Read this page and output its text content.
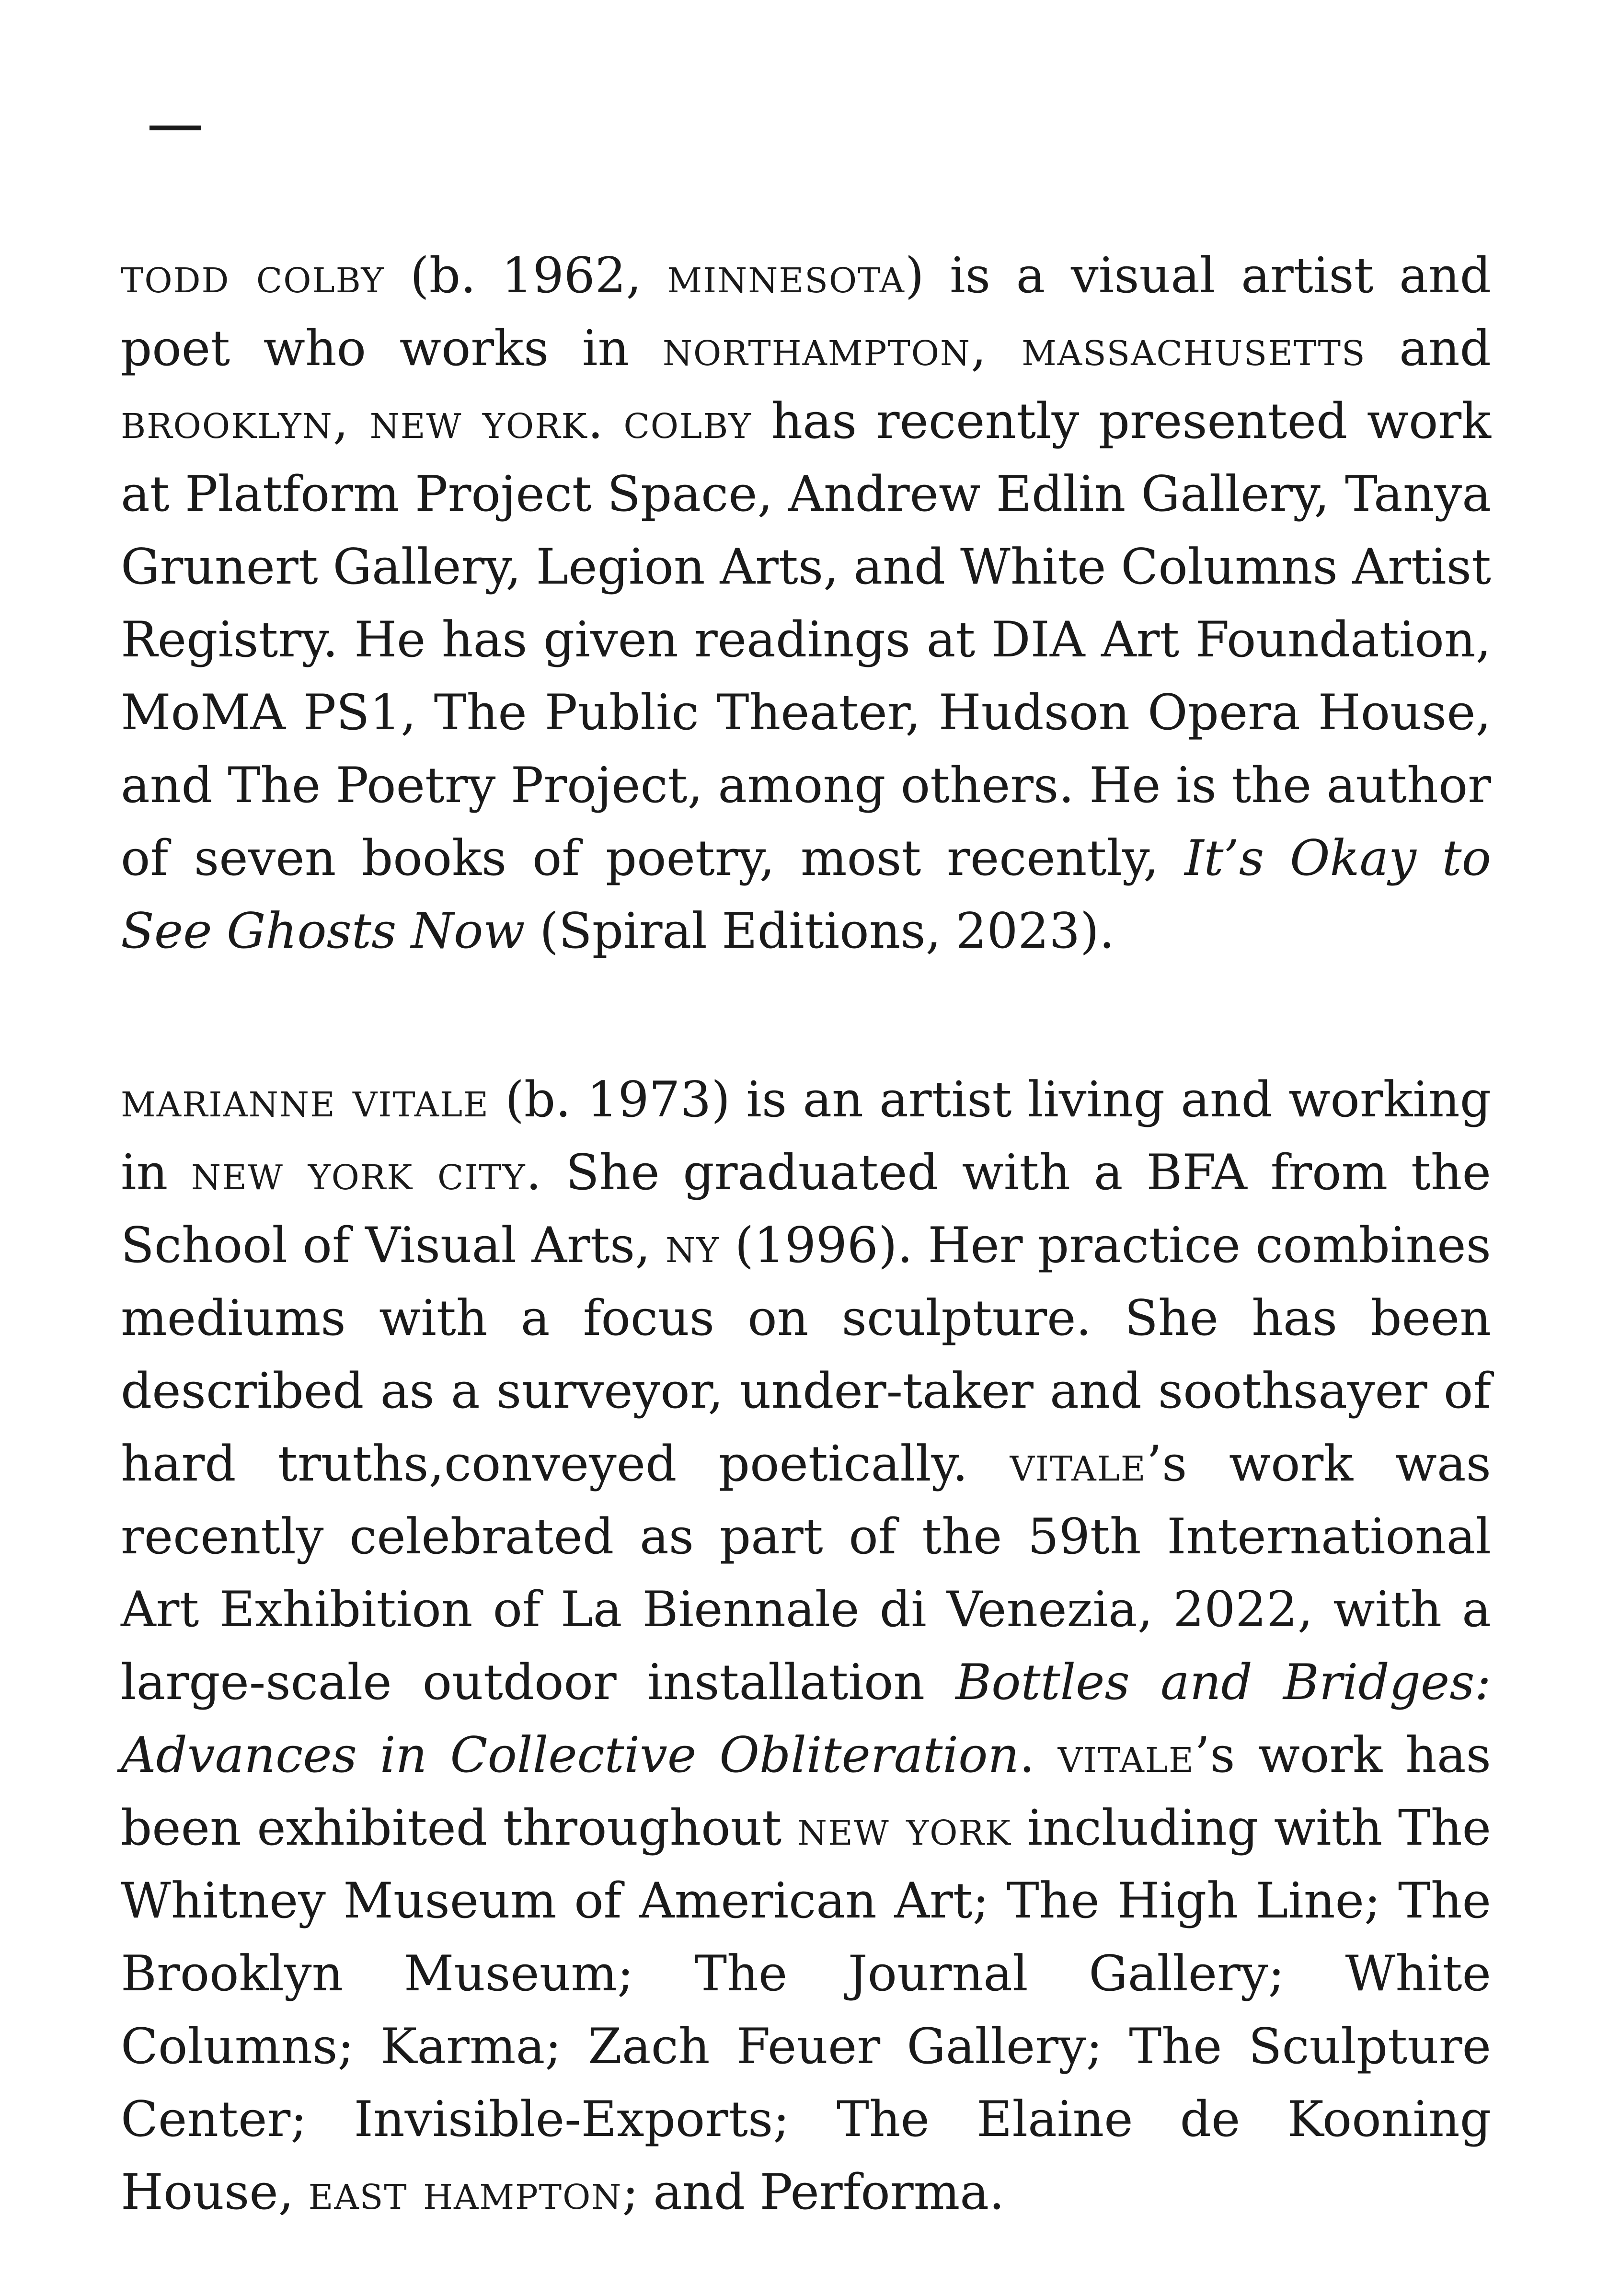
todd colby (b. 1962, minnesota) is a visual artist and poet who works in northampton, massachusetts and brooklyn, new york. colby has recently presented work at Platform Project Space, Andrew Edlin Gallery, Tanya Grunert Gallery, Legion Arts, and White Columns Artist Registry. He has given readings at DIA Art Foundation, MoMA PS1, The Public Theater, Hudson Opera House, and The Poetry Project, among others. He is the author of seven books of poetry, most recently, It’s Okay to See Ghosts Now (Spiral Editions, 2023).

marianne vitale (b. 1973) is an artist living and working in new york city. She graduated with a BFA from the School of Visual Arts, ny (1996). Her practice combines mediums with a focus on sculpture. She has been described as a surveyor, under-taker and soothsayer of hard truths,conveyed poetically. vitale’s work was recently celebrated as part of the 59th International Art Exhibition of La Biennale di Venezia, 2022, with a large-scale outdoor installation Bottles and Bridges: Advances in Collective Obliteration. vitale’s work has been exhibited throughout new york including with The Whitney Museum of American Art; The High Line; The Brooklyn Museum; The Journal Gallery; White Columns; Karma; Zach Feuer Gallery; The Sculpture Center; Invisible-Exports; The Elaine de Kooning House, east hampton; and Performa.
